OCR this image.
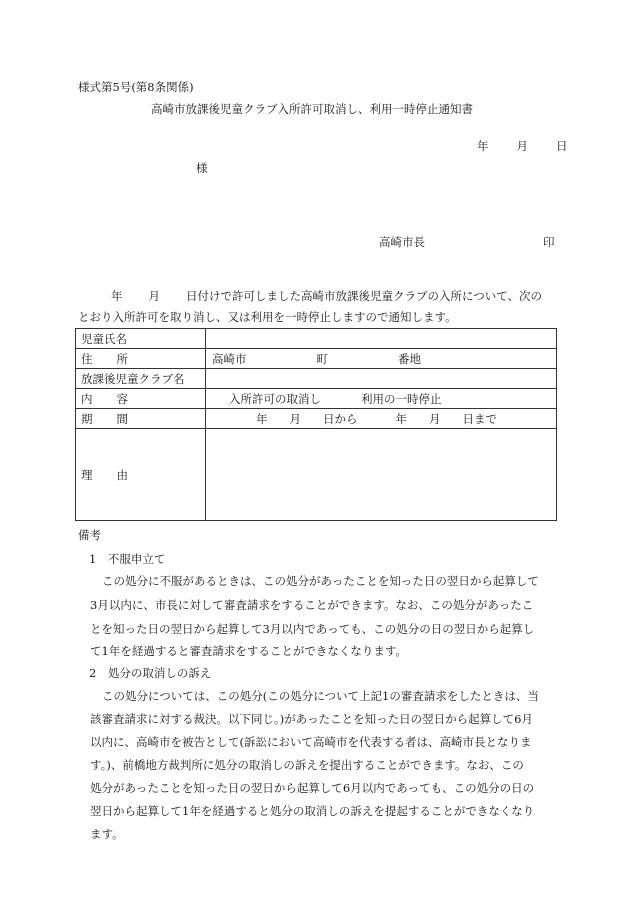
様式第5号(第8条関係)
高崎市放課後児童クラブ入所許可取消し、利用一時停止通知書
年 月 日
様
高崎市長	印
年 月 日付けで許可しました高崎市放課後児童クラブの入所について、次の
とおり入所許可を取り消し、又は利用を一時停止しますので通知します。
児童氏名	
住 所	高崎市 町 番地
放課後児童クラブ名	
内 容	入所許可の取消し 利用の一時停止
期 間	年 月 日から 年 月 日まで
理 由	
備考
1　不服申立て
この処分に不服があるときは、この処分があったことを知った日の翌日から起算して
3月以内に、市長に対して審査請求をすることができます。なお、この処分があったこ
とを知った日の翌日から起算して3月以内であっても、この処分の日の翌日から起算し
て1年を経過すると審査請求をすることができなくなります。
2　処分の取消しの訴え
この処分については、この処分(この処分について上記1の審査請求をしたときは、当
該審査請求に対する裁決。以下同じ。)があったことを知った日の翌日から起算して6月
以内に、高崎市を被告として(訴訟において高崎市を代表する者は、高崎市長となりま
す。)、前橋地方裁判所に処分の取消しの訴えを提出することができます。なお、この
処分があったことを知った日の翌日から起算して6月以内であっても、この処分の日の
翌日から起算して1年を経過すると処分の取消しの訴えを提起することができなくなり
ます。
